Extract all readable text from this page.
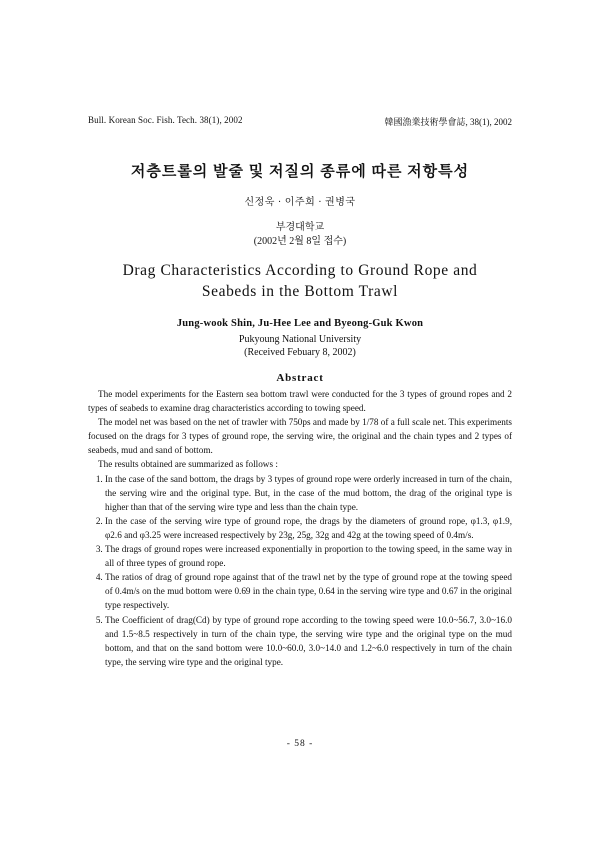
Bull. Korean Soc. Fish. Tech. 38(1), 2002	韓國漁業技術學會誌, 38(1), 2002
저층트롤의 발줄 및 저질의 종류에 따른 저항특성
신정욱 · 이주희 · 권병국
부경대학교
(2002년 2월 8일 접수)
Drag Characteristics According to Ground Rope and
Seabeds in the Bottom Trawl
Jung-wook Shin, Ju-Hee Lee and Byeong-Guk Kwon
Pukyoung National University
(Received Febuary 8, 2002)
Abstract

The model experiments for the Eastern sea bottom trawl were conducted for the 3 types of ground ropes and 2 types of seabeds to examine drag characteristics according to towing speed.

The model net was based on the net of trawler with 750ps and made by 1/78 of a full scale net. This experiments focused on the drags for 3 types of ground rope, the serving wire, the original and the chain types and 2 types of seabeds, mud and sand of bottom.

The results obtained are summarized as follows :

1. In the case of the sand bottom, the drags by 3 types of ground rope were orderly increased in turn of the chain, the serving wire and the original type. But, in the case of the mud bottom, the drag of the original type is higher than that of the serving wire type and less than the chain type.
2. In the case of the serving wire type of ground rope, the drags by the diameters of ground rope, φ1.3, φ1.9, φ2.6 and φ3.25 were increased respectively by 23g, 25g, 32g and 42g at the towing speed of 0.4m/s.
3. The drags of ground ropes were increased exponentially in proportion to the towing speed, in the same way in all of three types of ground rope.
4. The ratios of drag of ground rope against that of the trawl net by the type of ground rope at the towing speed of 0.4m/s on the mud bottom were 0.69 in the chain type, 0.64 in the serving wire type and 0.67 in the original type respectively.
5. The Coefficient of drag(Cd) by type of ground rope according to the towing speed were 10.0~56.7, 3.0~16.0 and 1.5~8.5 respectively in turn of the chain type, the serving wire type and the original type on the mud bottom, and that on the sand bottom were 10.0~60.0, 3.0~14.0 and 1.2~6.0 respectively in turn of the chain type, the serving wire type and the original type.
- 58 -
